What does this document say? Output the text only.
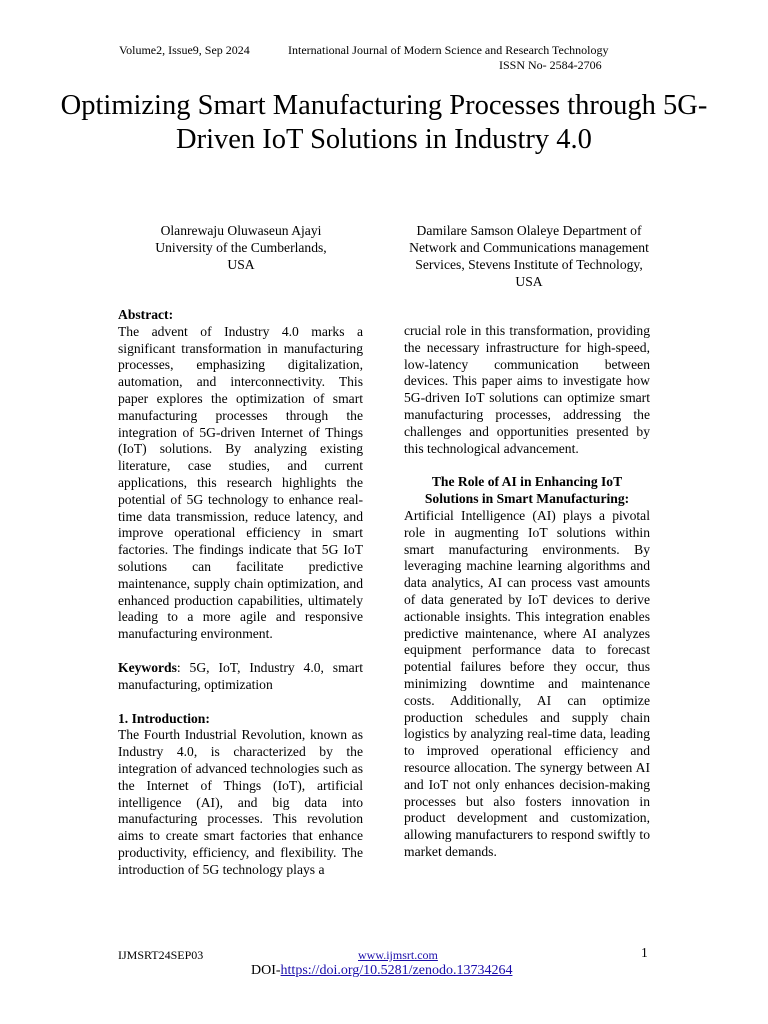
Volume2, Issue9, Sep 2024	International Journal of Modern Science and Research Technology
ISSN No- 2584-2706
Optimizing Smart Manufacturing Processes through 5G-Driven IoT Solutions in Industry 4.0
Olanrewaju Oluwaseun Ajayi University of the Cumberlands, USA
Damilare Samson Olaleye Department of Network and Communications management Services, Stevens Institute of Technology, USA
Abstract:

The advent of Industry 4.0 marks a significant transformation in manufacturing processes, emphasizing digitalization, automation, and interconnectivity. This paper explores the optimization of smart manufacturing processes through the integration of 5G-driven Internet of Things (IoT) solutions. By analyzing existing literature, case studies, and current applications, this research highlights the potential of 5G technology to enhance real-time data transmission, reduce latency, and improve operational efficiency in smart factories. The findings indicate that 5G IoT solutions can facilitate predictive maintenance, supply chain optimization, and enhanced production capabilities, ultimately leading to a more agile and responsive manufacturing environment.

Keywords: 5G, IoT, Industry 4.0, smart manufacturing, optimization

1. Introduction:

The Fourth Industrial Revolution, known as Industry 4.0, is characterized by the integration of advanced technologies such as the Internet of Things (IoT), artificial intelligence (AI), and big data into manufacturing processes. This revolution aims to create smart factories that enhance productivity, efficiency, and flexibility. The introduction of 5G technology plays a

crucial role in this transformation, providing the necessary infrastructure for high-speed, low-latency communication between devices. This paper aims to investigate how 5G-driven IoT solutions can optimize smart manufacturing processes, addressing the challenges and opportunities presented by this technological advancement.

The Role of AI in Enhancing IoT Solutions in Smart Manufacturing:

Artificial Intelligence (AI) plays a pivotal role in augmenting IoT solutions within smart manufacturing environments. By leveraging machine learning algorithms and data analytics, AI can process vast amounts of data generated by IoT devices to derive actionable insights. This integration enables predictive maintenance, where AI analyzes equipment performance data to forecast potential failures before they occur, thus minimizing downtime and maintenance costs. Additionally, AI can optimize production schedules and supply chain logistics by analyzing real-time data, leading to improved operational efficiency and resource allocation. The synergy between AI and IoT not only enhances decision-making processes but also fosters innovation in product development and customization, allowing manufacturers to respond swiftly to market demands.

IJMSRT24SEP03	www.ijmsrt.com	1
DOI-https://doi.org/10.5281/zenodo.13734264
